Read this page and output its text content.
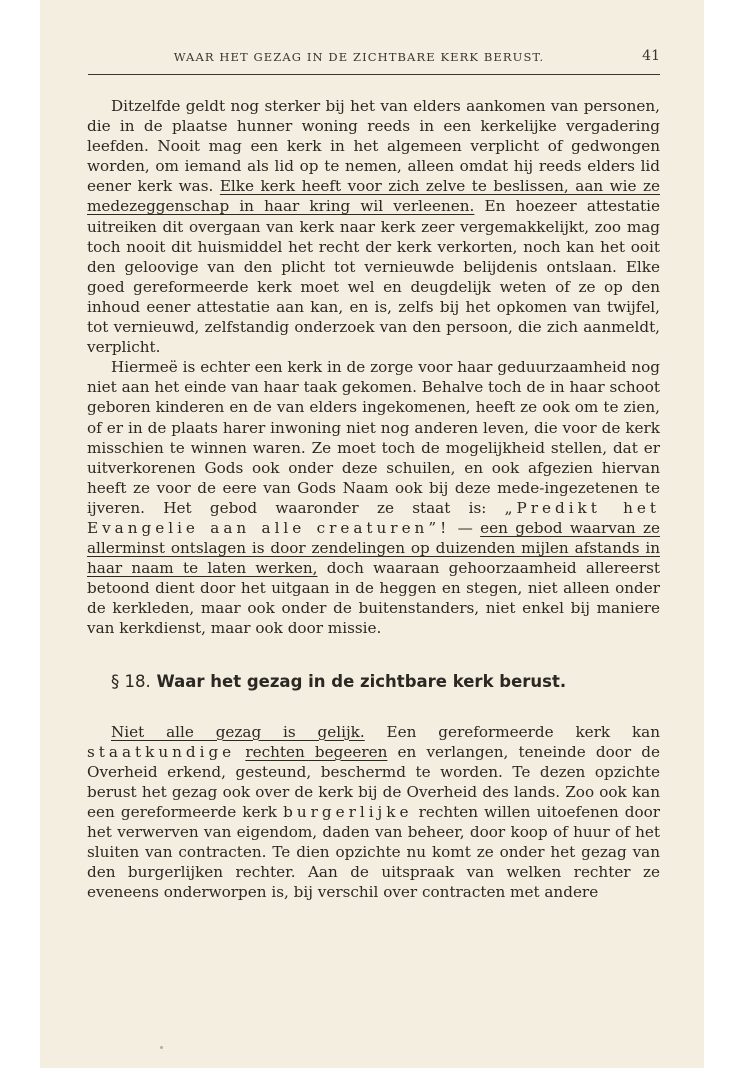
WAAR HET GEZAG IN DE ZICHTBARE KERK BERUST.	41

Ditzelfde geldt nog sterker bij het van elders aankomen van personen, die in de plaatse hunner woning reeds in een kerkelijke vergadering leefden. Nooit mag een kerk in het algemeen verplicht of gedwongen worden, om iemand als lid op te nemen, alleen omdat hij reeds elders lid eener kerk was. Elke kerk heeft voor zich zelve te beslissen, aan wie ze medezeggenschap in haar kring wil verleenen. En hoezeer attestatie uitreiken dit overgaan van kerk naar kerk zeer vergemakkelijkt, zoo mag toch nooit dit huismiddel het recht der kerk verkorten, noch kan het ooit den geloovige van den plicht tot vernieuwde belijdenis ontslaan. Elke goed gereformeerde kerk moet wel en deugdelijk weten of ze op den inhoud eener attestatie aan kan, en is, zelfs bij het opkomen van twijfel, tot vernieuwd, zelfstandig onderzoek van den persoon, die zich aanmeldt, verplicht.

Hiermeë is echter een kerk in de zorge voor haar geduurzaamheid nog niet aan het einde van haar taak gekomen. Behalve toch de in haar schoot geboren kinderen en de van elders ingekomenen, heeft ze ook om te zien, of er in de plaats harer inwoning niet nog anderen leven, die voor de kerk misschien te winnen waren. Ze moet toch de mogelijkheid stellen, dat er uitverkorenen Gods ook onder deze schuilen, en ook afgezien hiervan heeft ze voor de eere van Gods Naam ook bij deze mede-ingezetenen te ijveren. Het gebod waaronder ze staat is: „Predikt het Evangelie aan alle creaturen”! — een gebod waarvan ze allerminst ontslagen is door zendelingen op duizenden mijlen afstands in haar naam te laten werken, doch waaraan gehoorzaamheid allereerst betoond dient door het uitgaan in de heggen en stegen, niet alleen onder de kerkleden, maar ook onder de buitenstanders, niet enkel bij maniere van kerkdienst, maar ook door missie.

§ 18. Waar het gezag in de zichtbare kerk berust.

Niet alle gezag is gelijk. Een gereformeerde kerk kan staatkundige rechten begeeren en verlangen, teneinde door de Overheid erkend, gesteund, beschermd te worden. Te dezen opzichte berust het gezag ook over de kerk bij de Overheid des lands. Zoo ook kan een gereformeerde kerk burgerlijke rechten willen uitoefenen door het verwerven van eigendom, daden van beheer, door koop of huur of het sluiten van contracten. Te dien opzichte nu komt ze onder het gezag van den burgerlijken rechter. Aan de uitspraak van welken rechter ze eveneens onderworpen is, bij verschil over contracten met andere
